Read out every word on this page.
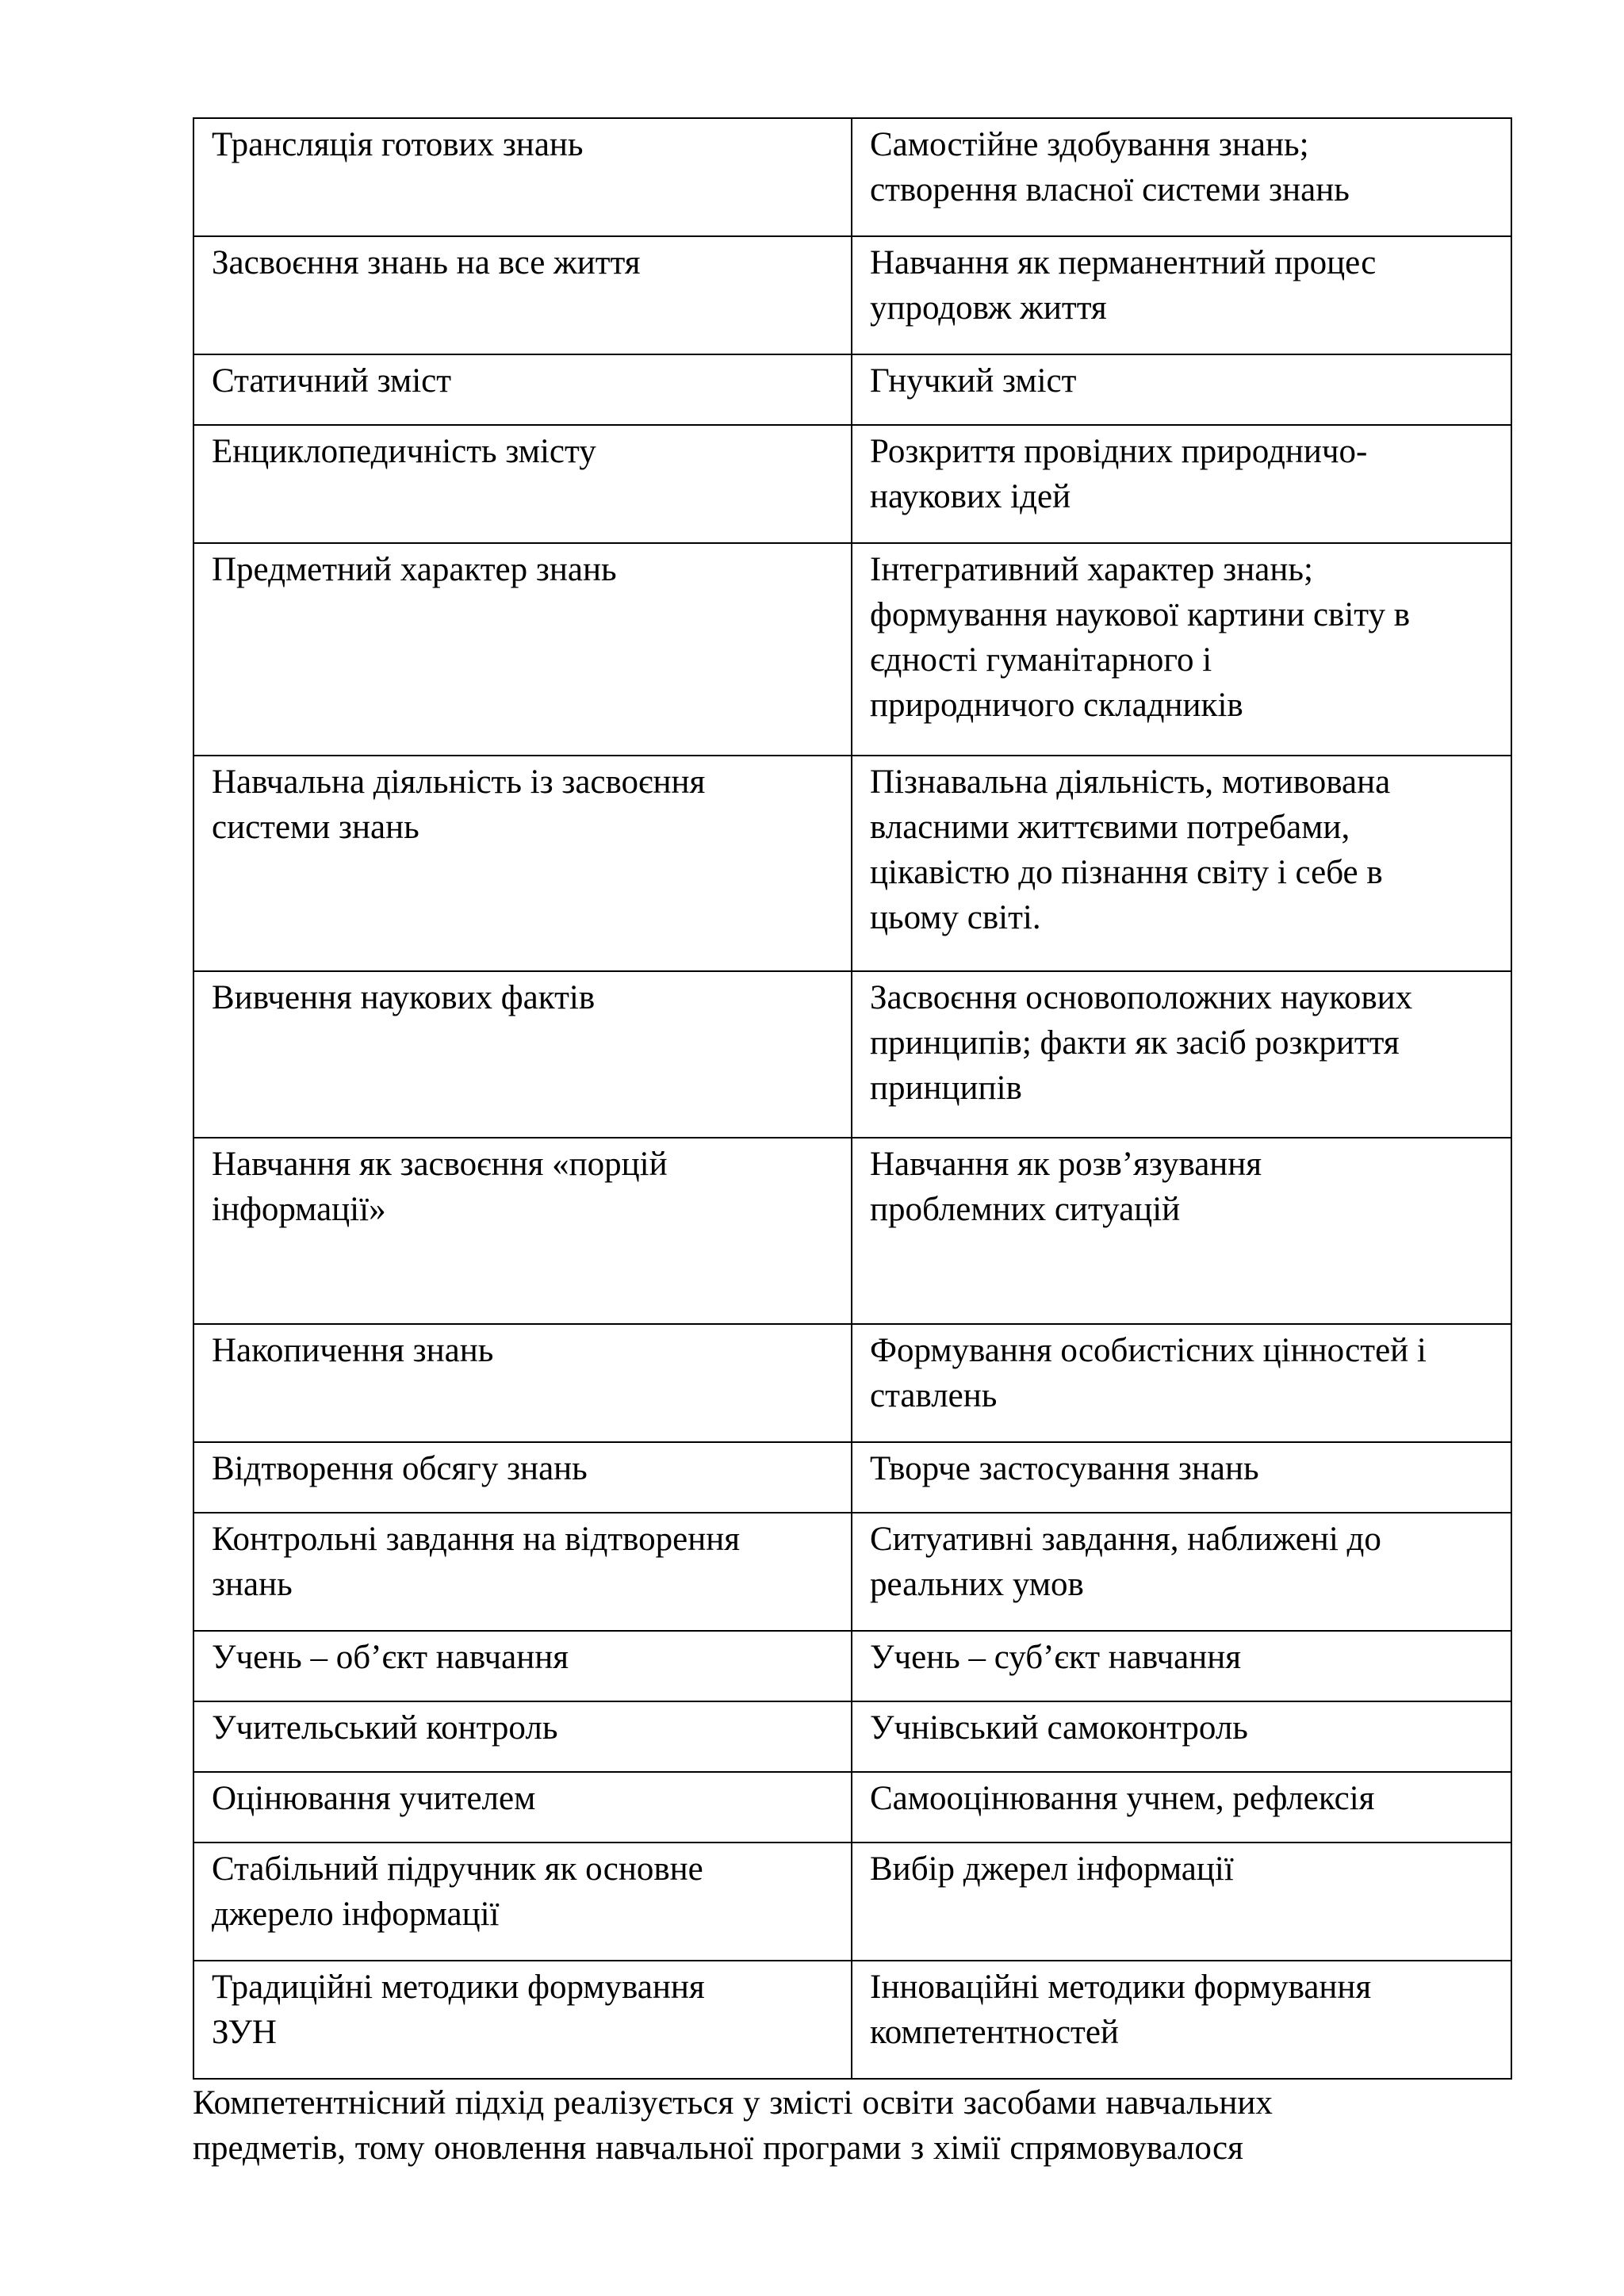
Трансляція готових знань	Самостійне здобування знань;
створення власної системи знань

Засвоєння знань на все життя	Навчання як перманентний процес
упродовж життя

Статичний зміст	Гнучкий зміст

Енциклопедичність змісту	Розкриття провідних природничо-
наукових ідей

Предметний характер знань	Інтегративний характер знань;
формування наукової картини світу в
єдності гуманітарного і
природничого складників

Навчальна діяльність із засвоєння
системи знань	Пізнавальна діяльність, мотивована
власними життєвими потребами,
цікавістю до пізнання світу і себе в
цьому світі.

Вивчення наукових фактів	Засвоєння основоположних наукових
принципів; факти як засіб розкриття
принципів

Навчання як засвоєння «порцій
інформації»	Навчання як розв’язування
проблемних ситуацій

Накопичення знань	Формування особистісних цінностей і
ставлень

Відтворення обсягу знань	Творче застосування знань

Контрольні завдання на відтворення
знань	Ситуативні завдання, наближені до
реальних умов

Учень – об’єкт навчання	Учень – суб’єкт навчання

Учительський контроль	Учнівський самоконтроль

Оцінювання учителем	Самооцінювання учнем, рефлексія

Стабільний підручник як основне
джерело інформації	Вибір джерел інформації

Традиційні методики формування
ЗУН	Інноваційні методики формування
компетентностей
Компетентнісний підхід реалізується у змісті освіти засобами навчальних
предметів, тому оновлення навчальної програми з хімії спрямовувалося
